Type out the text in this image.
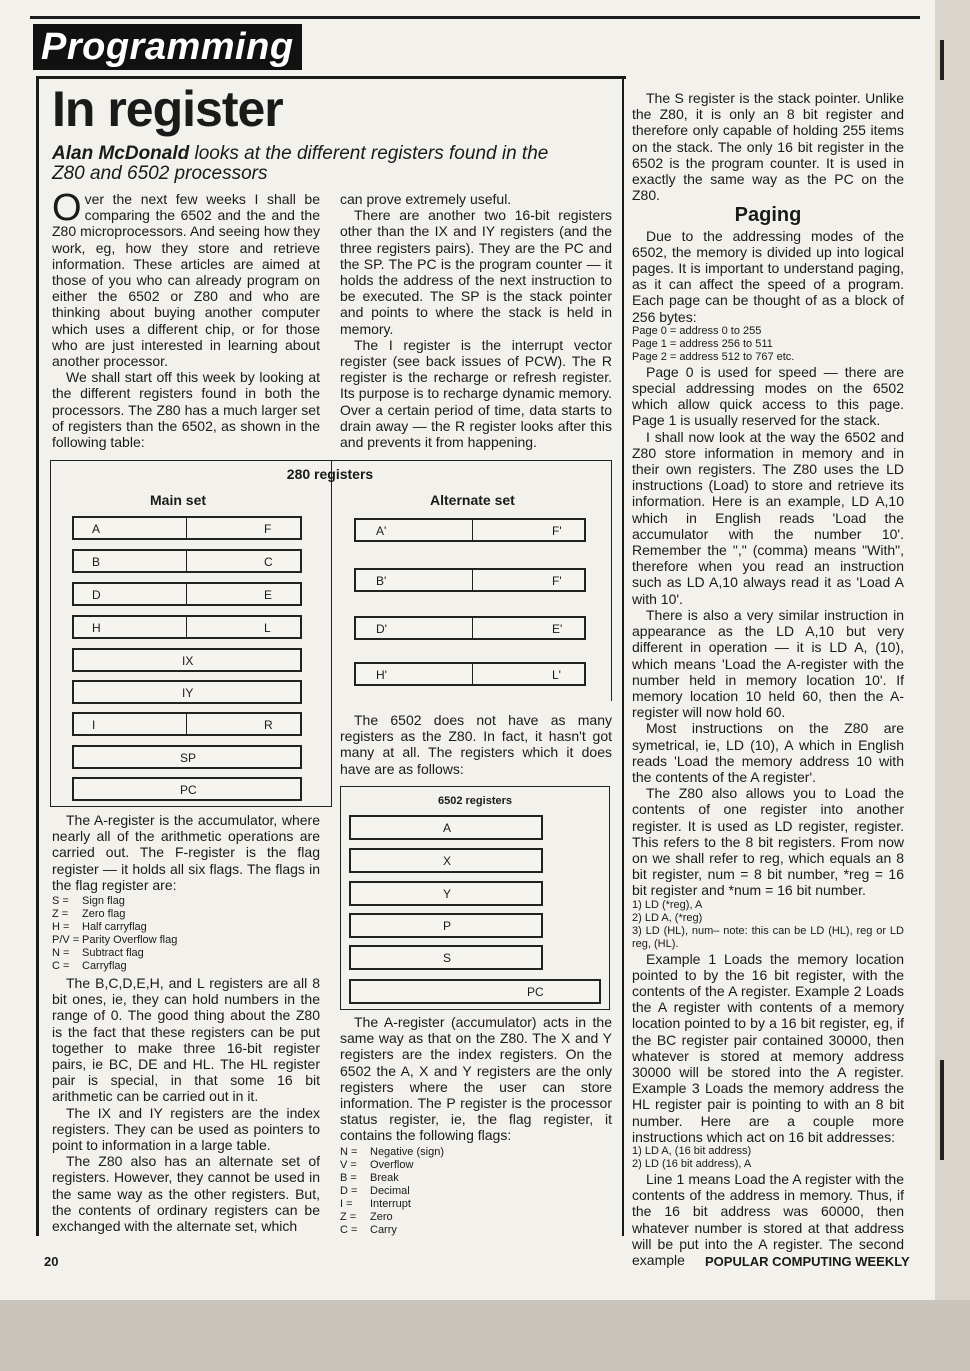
Programming
In register
Alan McDonald looks at the different registers found in the Z80 and 6502 processors

Over the next few weeks I shall be comparing the 6502 and the and the Z80 microprocessors. And seeing how they work, eg, how they store and retrieve information. These articles are aimed at those of you who can already program on either the 6502 or Z80 and who are thinking about buying another computer which uses a different chip, or for those who are just interested in learning about another processor.

We shall start off this week by looking at the different registers found in both the processors. The Z80 has a much larger set of registers than the 6502, as shown in the following table:

can prove extremely useful.

There are another two 16-bit registers other than the IX and IY registers (and the three registers pairs). They are the PC and the SP. The PC is the program counter — it holds the address of the next instruction to be executed. The SP is the stack pointer and points to where the stack is held in memory.

The I register is the interrupt vector register (see back issues of PCW). The R register is the recharge or refresh register. Its purpose is to recharge dynamic memory. Over a certain period of time, data starts to drain away — the R register looks after this and prevents it from happening.

280 registers
Main set	Alternate set
A	F
B	C
D	E
H	L
IX
IY
I	R
SP
PC
A'	F'
B'	F'
D'	E'
H'	L'

The 6502 does not have as many registers as the Z80. In fact, it hasn't got many at all. The registers which it does have are as follows:

6502 registers
A
X
Y
P
S
PC

The A-register (accumulator) acts in the same way as that on the Z80. The X and Y registers are the index registers. On the 6502 the A, X and Y registers are the only registers where the user can store information. The P register is the processor status register, ie, the flag register, it contains the following flags:

N =	Negative (sign)
V =	Overflow
B =	Break
D =	Decimal
I =	Interrupt
Z =	Zero
C =	Carry

The A-register is the accumulator, where nearly all of the arithmetic operations are carried out. The F-register is the flag register — it holds all six flags. The flags in the flag register are:

S =	Sign flag
Z =	Zero flag
H =	Half carryflag
P/V = Parity Overflow flag
N =	Subtract flag
C =	Carryflag

The B,C,D,E,H, and L registers are all 8 bit ones, ie, they can hold numbers in the range of 0. The good thing about the Z80 is the fact that these registers can be put together to make three 16-bit register pairs, ie BC, DE and HL. The HL register pair is special, in that some 16 bit arithmetic can be carried out in it.

The IX and IY registers are the index registers. They can be used as pointers to point to information in a large table.

The Z80 also has an alternate set of registers. However, they cannot be used in the same way as the other registers. But, the contents of ordinary registers can be exchanged with the alternate set, which

The S register is the stack pointer. Unlike the Z80, it is only an 8 bit register and therefore only capable of holding 255 items on the stack. The only 16 bit register in the 6502 is the program counter. It is used in exactly the same way as the PC on the Z80.

Paging

Due to the addressing modes of the 6502, the memory is divided up into logical pages. It is important to understand paging, as it can affect the speed of a program. Each page can be thought of as a block of 256 bytes:

Page 0 = address 0 to 255
Page 1 = address 256 to 511
Page 2 = address 512 to 767 etc.

Page 0 is used for speed — there are special addressing modes on the 6502 which allow quick access to this page. Page 1 is usually reserved for the stack.

I shall now look at the way the 6502 and Z80 store information in memory and in their own registers. The Z80 uses the LD instructions (Load) to store and retrieve its information. Here is an example, LD A,10 which in English reads 'Load the accumulator with the number 10'. Remember the "," (comma) means "With", therefore when you read an instruction such as LD A,10 always read it as 'Load A with 10'.

There is also a very similar instruction in appearance as the LD A,10 but very different in operation — it is LD A, (10), which means 'Load the A-register with the number held in memory location 10'. If memory location 10 held 60, then the A-register will now hold 60.

Most instructions on the Z80 are symetrical, ie, LD (10), A which in English reads 'Load the memory address 10 with the contents of the A register'.

The Z80 also allows you to Load the contents of one register into another register. It is used as LD register, register. This refers to the 8 bit registers. From now on we shall refer to reg, which equals an 8 bit register, num = 8 bit number, *reg = 16 bit register and *num = 16 bit number.

1) LD (*reg), A
2) LD A, (*reg)
3) LD (HL), num– note: this can be LD (HL), reg or LD reg, (HL).

Example 1 Loads the memory location pointed to by the 16 bit register, with the contents of the A register. Example 2 Loads the A register with contents of a memory location pointed to by a 16 bit register, eg, if the BC register pair contained 30000, then whatever is stored at memory address 30000 will be stored into the A register. Example 3 Loads the memory address the HL register pair is pointing to with an 8 bit number. Here are a couple more instructions which act on 16 bit addresses:

1) LD A, (16 bit address)
2) LD (16 bit address), A

Line 1 means Load the A register with the contents of the address in memory. Thus, if the 16 bit address was 60000, then whatever number is stored at that address will be put into the A register. The second example

20	POPULAR COMPUTING WEEKLY
